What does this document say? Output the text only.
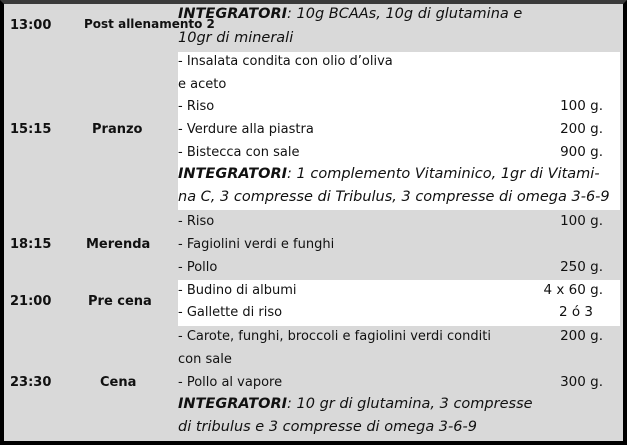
13:00	Post allenamento 2
INTEGRATORI: 10g BCAAs, 10g di glutamina e
10gr di minerali
15:15	Pranzo
- Insalata condita con olio d’oliva
e aceto
- Riso	100 g.
- Verdure alla piastra	200 g.
- Bistecca con sale	900 g.
INTEGRATORI: 1 complemento Vitaminico, 1gr di Vitami-
na C, 3 compresse di Tribulus, 3 compresse di omega 3-6-9
18:15	Merenda
- Riso	100 g.
- Fagiolini verdi e funghi
- Pollo	250 g.
21:00	Pre cena
- Budino di albumi	4 x 60 g.
- Gallette di riso	2 ó 3
23:30	Cena
- Carote, funghi, broccoli e fagiolini verdi conditi	200 g.
con sale
- Pollo al vapore	300 g.
INTEGRATORI: 10 gr di glutamina, 3 compresse
di tribulus e 3 compresse di omega 3-6-9
